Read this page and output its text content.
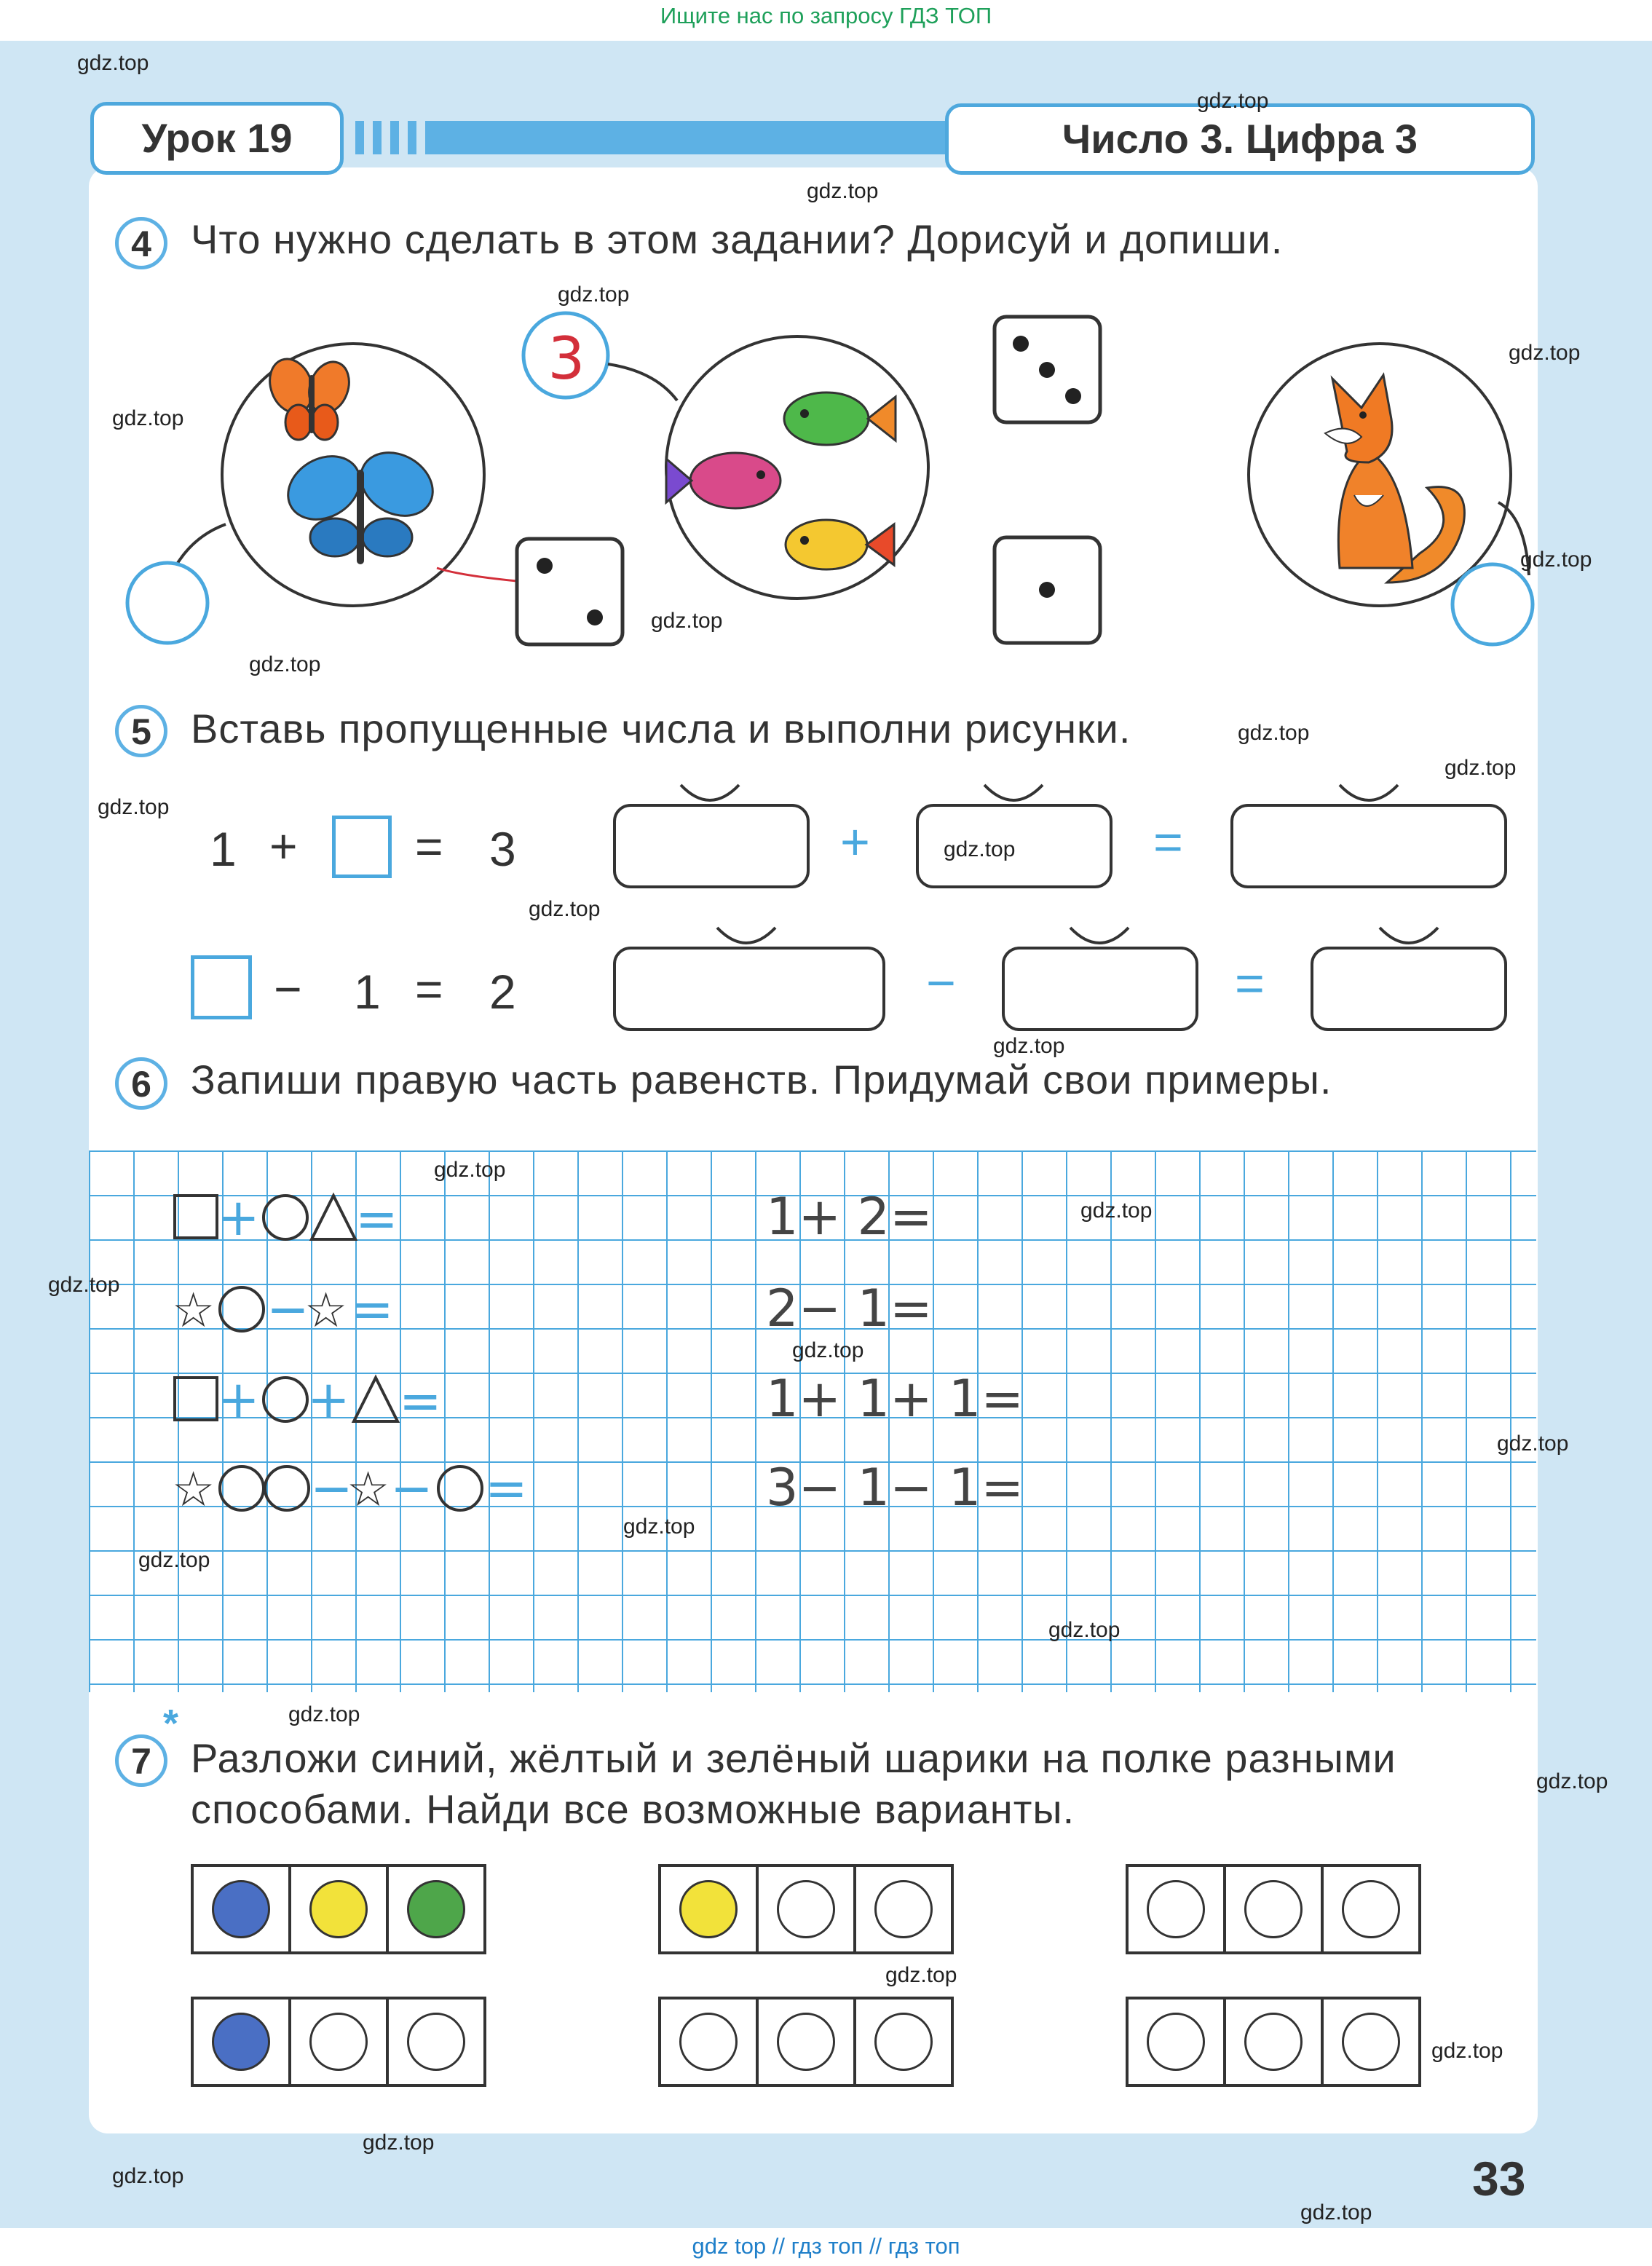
Ищите нас по запросу ГДЗ ТОП
gdz top // гдз топ // гдз топ
Урок 19	Число 3. Цифра 3
4 Что нужно сделать в этом задании? Дорисуй и допиши.
3
5 Вставь пропущенные числа и выполни рисунки.
1 + = 3	+	=
− 1 = 2	−	=
6 Запиши правую часть равенств. Придумай свои примеры.
+ =
☆ −
☆ =
+ + =
☆ −
☆ − =
1+ 2=
2− 1=
1+ 1+ 1=
3− 1− 1=
*
7 Разложи синий, жёлтый и зелёный шарики на полке разными
способами. Найди все возможные варианты.
33
gdz.top
gdz.top
gdz.top
gdz.top
gdz.top
gdz.top
gdz.top
gdz.top
gdz.top
gdz.top
gdz.top
gdz.top
gdz.top
gdz.top
gdz.top
gdz.top
gdz.top
gdz.top
gdz.top
gdz.top
gdz.top
gdz.top
gdz.top
gdz.top
gdz.top
gdz.top
gdz.top
gdz.top
gdz.top
gdz.top
